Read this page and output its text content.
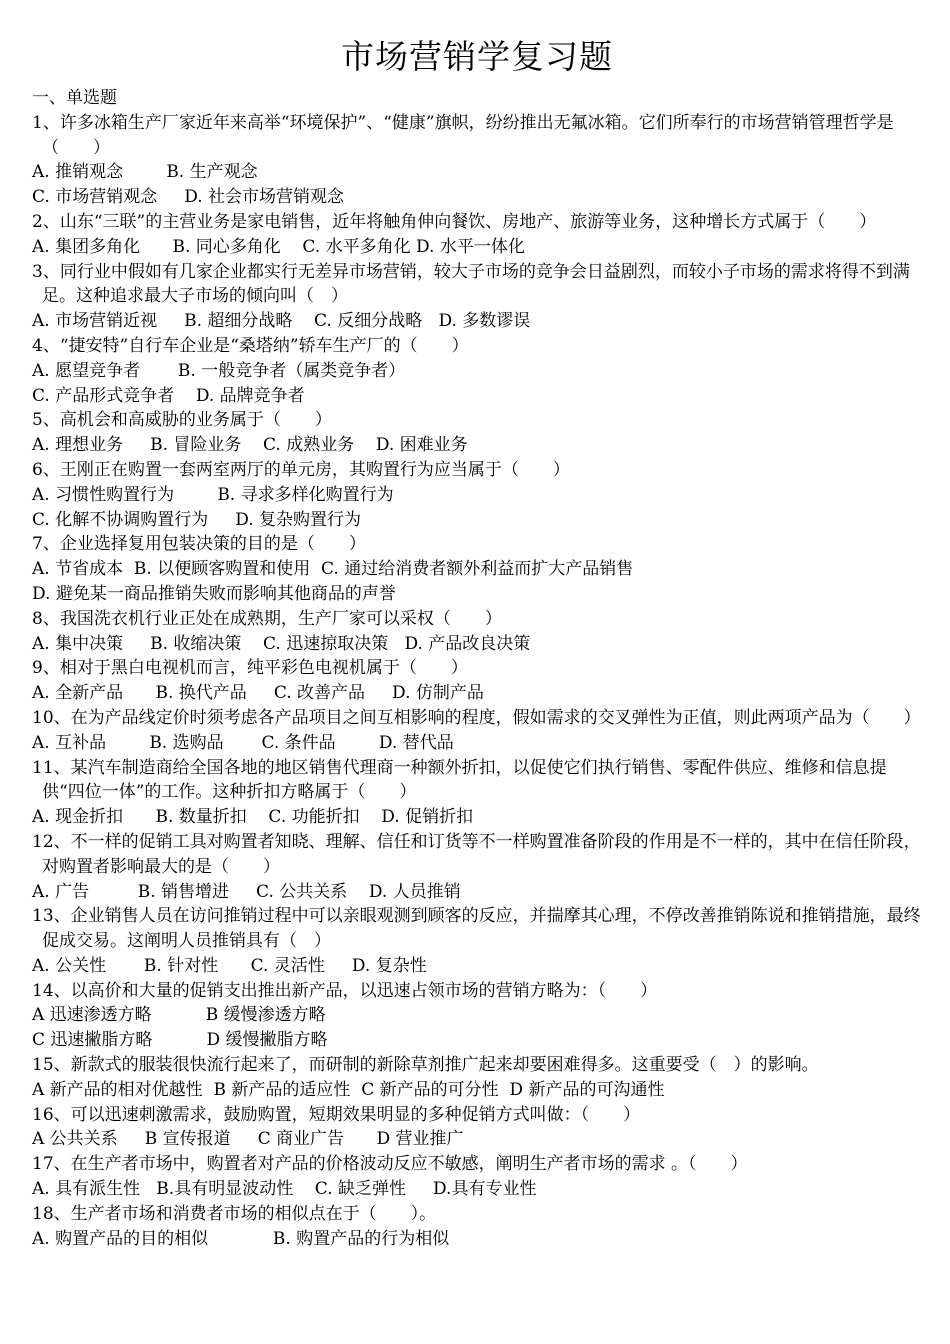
市场营销学复习题
一、单选题
1、许多冰箱生产厂家近年来高举“环境保护”、“健康”旗帜，纷纷推出无氟冰箱。它们所奉行的市场营销管理哲学是（　　）
A. 推销观念        B. 生产观念
C. 市场营销观念     D. 社会市场营销观念
2、山东“三联”的主营业务是家电销售，近年将触角伸向餐饮、房地产、旅游等业务，这种增长方式属于（　　）
A. 集团多角化      B. 同心多角化    C. 水平多角化 D. 水平一体化
3、同行业中假如有几家企业都实行无差异市场营销，较大子市场的竞争会日益剧烈，而较小子市场的需求将得不到满足。这种追求最大子市场的倾向叫（　）
A. 市场营销近视     B. 超细分战略    C. 反细分战略   D. 多数谬误
4、“捷安特”自行车企业是“桑塔纳”轿车生产厂的（　　）
A. 愿望竞争者       B. 一般竞争者（属类竞争者）
C. 产品形式竞争者    D. 品牌竞争者
5、高机会和高威胁的业务属于（　　）
A. 理想业务     B. 冒险业务    C. 成熟业务    D. 困难业务
6、王刚正在购置一套两室两厅的单元房，其购置行为应当属于（　　）
A. 习惯性购置行为        B. 寻求多样化购置行为
C. 化解不协调购置行为     D. 复杂购置行为
7、企业选择复用包装决策的目的是（　　）
A. 节省成本  B. 以便顾客购置和使用  C. 通过给消费者额外利益而扩大产品销售
D. 避免某一商品推销失败而影响其他商品的声誉
8、我国洗衣机行业正处在成熟期，生产厂家可以采权（　　）
A. 集中决策     B. 收缩决策    C. 迅速掠取决策   D. 产品改良决策
9、相对于黑白电视机而言，纯平彩色电视机属于（　　）
A. 全新产品      B. 换代产品     C. 改善产品     D. 仿制产品
10、在为产品线定价时须考虑各产品项目之间互相影响的程度，假如需求的交叉弹性为正值，则此两项产品为（　　）
A. 互补品        B. 选购品       C. 条件品        D. 替代品
11、某汽车制造商给全国各地的地区销售代理商一种额外折扣，以促使它们执行销售、零配件供应、维修和信息提供“四位一体”的工作。这种折扣方略属于（　　）
A. 现金折扣      B. 数量折扣    C. 功能折扣    D. 促销折扣
12、不一样的促销工具对购置者知晓、理解、信任和订货等不一样购置准备阶段的作用是不一样的，其中在信任阶段，对购置者影响最大的是（　　）
A. 广告         B. 销售增进     C. 公共关系    D. 人员推销
13、企业销售人员在访问推销过程中可以亲眼观测到顾客的反应，并揣摩其心理，不停改善推销陈说和推销措施，最终促成交易。这阐明人员推销具有（　）
A. 公关性       B. 针对性      C. 灵活性     D. 复杂性
14、以高价和大量的促销支出推出新产品，以迅速占领市场的营销方略为：（　　）
A 迅速渗透方略          B 缓慢渗透方略
C 迅速撇脂方略          D 缓慢撇脂方略
15、新款式的服装很快流行起来了，而研制的新除草剂推广起来却要困难得多。这重要受（　）的影响。
A 新产品的相对优越性  B 新产品的适应性  C 新产品的可分性  D 新产品的可沟通性
16、可以迅速刺激需求，鼓励购置，短期效果明显的多种促销方式叫做：（　　）
A 公共关系     B 宣传报道     C 商业广告      D 营业推广
17、在生产者市场中，购置者对产品的价格波动反应不敏感，阐明生产者市场的需求 。（　　）
A. 具有派生性   B.具有明显波动性    C. 缺乏弹性     D.具有专业性
18、生产者市场和消费者市场的相似点在于（　　）。
A. 购置产品的目的相似            B. 购置产品的行为相似
